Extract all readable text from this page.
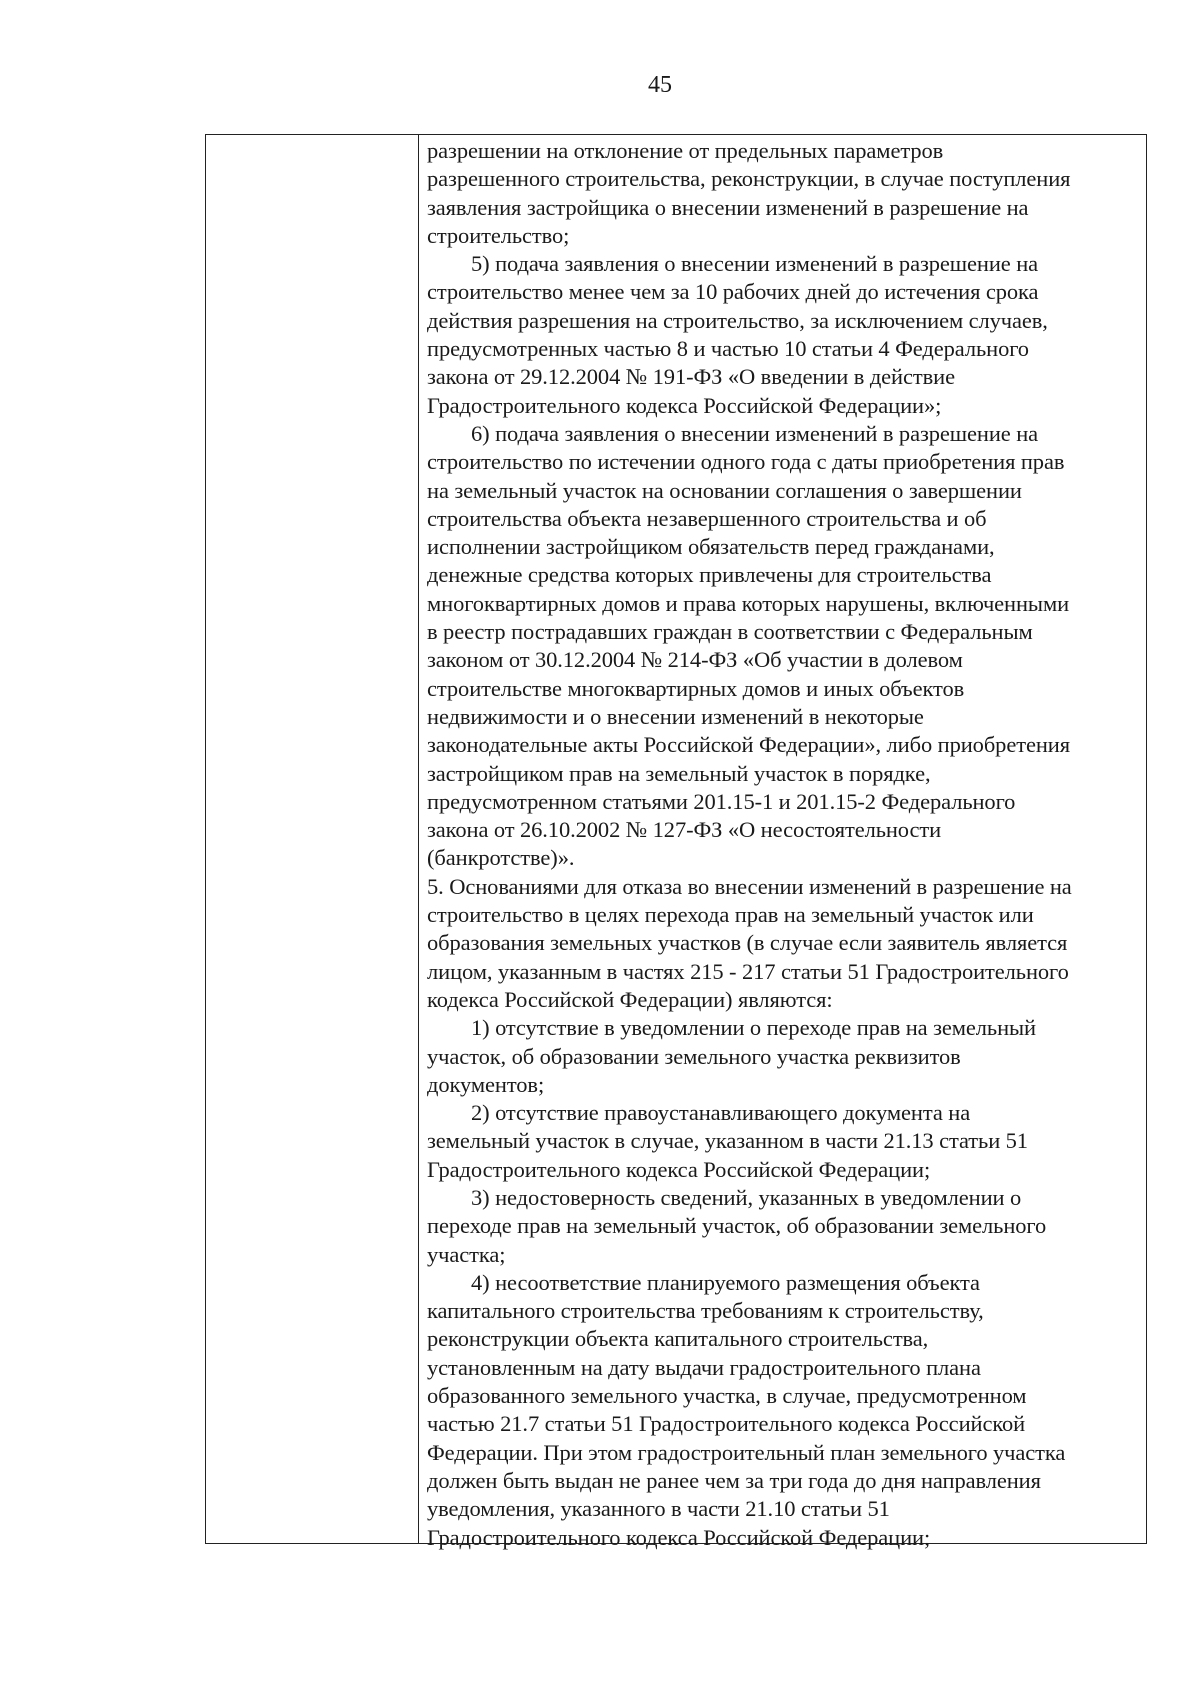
45
разрешении на отклонение от предельных параметров
разрешенного строительства, реконструкции, в случае поступления
заявления застройщика о внесении изменений в разрешение на
строительство;
5) подача заявления о внесении изменений в разрешение на
строительство менее чем за 10 рабочих дней до истечения срока
действия разрешения на строительство, за исключением случаев,
предусмотренных частью 8 и частью 10 статьи 4 Федерального
закона от 29.12.2004 № 191-ФЗ «О введении в действие
Градостроительного кодекса Российской Федерации»;
6) подача заявления о внесении изменений в разрешение на
строительство по истечении одного года с даты приобретения прав
на земельный участок на основании соглашения о завершении
строительства объекта незавершенного строительства и об
исполнении застройщиком обязательств перед гражданами,
денежные средства которых привлечены для строительства
многоквартирных домов и права которых нарушены, включенными
в реестр пострадавших граждан в соответствии с Федеральным
законом от 30.12.2004 № 214-ФЗ «Об участии в долевом
строительстве многоквартирных домов и иных объектов
недвижимости и о внесении изменений в некоторые
законодательные акты Российской Федерации», либо приобретения
застройщиком прав на земельный участок в порядке,
предусмотренном статьями 201.15-1 и 201.15-2 Федерального
закона от 26.10.2002 № 127-ФЗ «О несостоятельности
(банкротстве)».
5. Основаниями для отказа во внесении изменений в разрешение на
строительство в целях перехода прав на земельный участок или
образования земельных участков (в случае если заявитель является
лицом, указанным в частях 215 - 217 статьи 51 Градостроительного
кодекса Российской Федерации) являются:
1) отсутствие в уведомлении о переходе прав на земельный
участок, об образовании земельного участка реквизитов
документов;
2) отсутствие правоустанавливающего документа на
земельный участок в случае, указанном в части 21.13 статьи 51
Градостроительного кодекса Российской Федерации;
3) недостоверность сведений, указанных в уведомлении о
переходе прав на земельный участок, об образовании земельного
участка;
4) несоответствие планируемого размещения объекта
капитального строительства требованиям к строительству,
реконструкции объекта капитального строительства,
установленным на дату выдачи градостроительного плана
образованного земельного участка, в случае, предусмотренном
частью 21.7 статьи 51 Градостроительного кодекса Российской
Федерации. При этом градостроительный план земельного участка
должен быть выдан не ранее чем за три года до дня направления
уведомления, указанного в части 21.10 статьи 51
Градостроительного кодекса Российской Федерации;
